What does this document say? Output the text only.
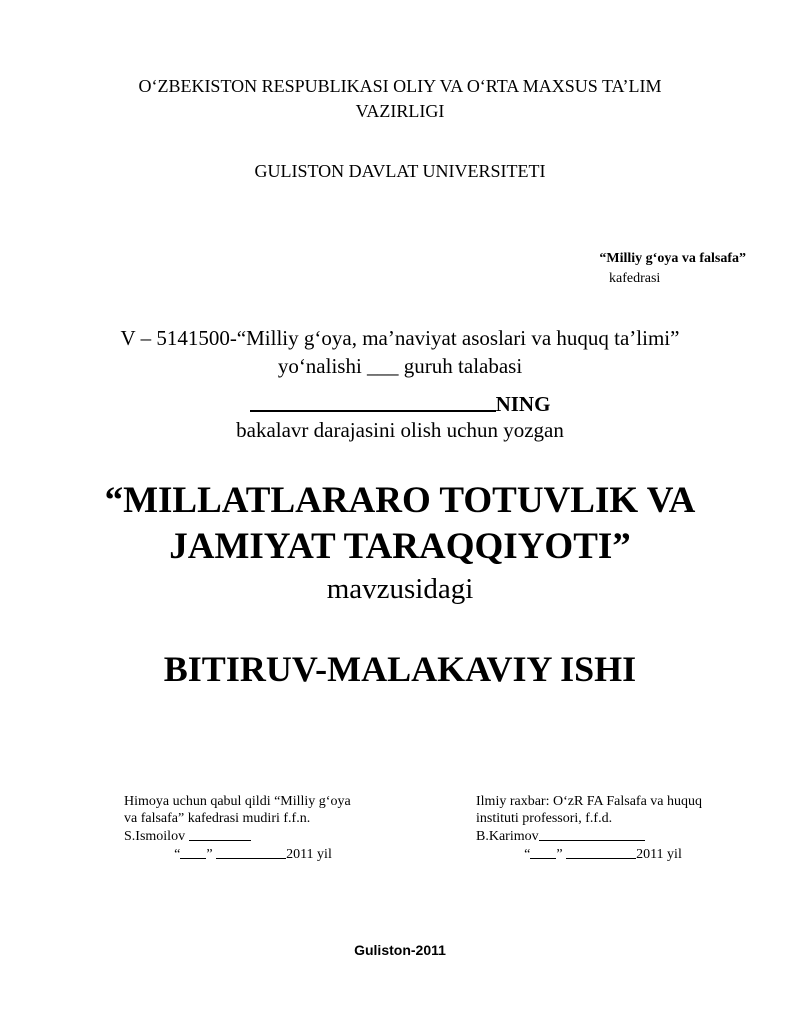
O‘ZBEKISTON RESPUBLIKASI OLIY VA O‘RTA MAXSUS TA’LIM
VAZIRLIGI
GULISTON DAVLAT UNIVERSITETI
“Milliy g‘oya va falsafa”
kafedrasi
V – 5141500-“Milliy g‘oya, ma’naviyat asoslari va huquq ta’limi”
yo‘nalishi ___ guruh talabasi
NING
bakalavr darajasini olish uchun yozgan
“MILLATLARARO TOTUVLIK VA
JAMIYAT TARAQQIYOTI”
mavzusidagi
BITIRUV-MALAKAVIY ISHI
Himoya uchun qabul qildi “Milliy g‘oya
va falsafa” kafedrasi mudiri f.f.n.
S.Ismoilov
“ ”	2011 yil
Ilmiy raxbar: O‘zR FA Falsafa va huquq
instituti professori, f.f.d.
B.Karimov
“ ”	2011 yil
Guliston-2011
